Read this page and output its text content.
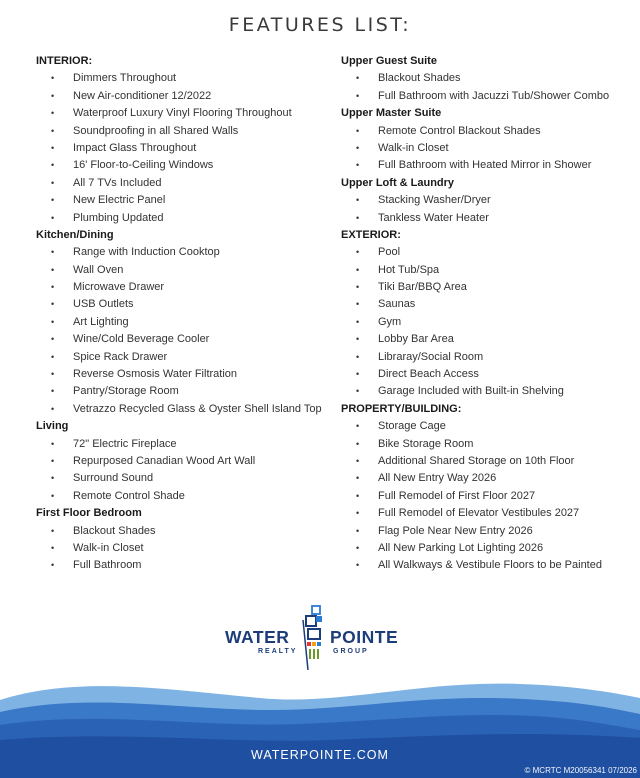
FEATURES LIST:
INTERIOR:
• Dimmers Throughout
• New Air-conditioner 12/2022
• Waterproof Luxury Vinyl Flooring Throughout
• Soundproofing in all Shared Walls
• Impact Glass Throughout
• 16' Floor-to-Ceiling Windows
• All 7 TVs Included
• New Electric Panel
• Plumbing Updated
Kitchen/Dining
• Range with Induction Cooktop
• Wall Oven
• Microwave Drawer
• USB Outlets
• Art Lighting
• Wine/Cold Beverage Cooler
• Spice Rack Drawer
• Reverse Osmosis Water Filtration
• Pantry/Storage Room
• Vetrazzo Recycled Glass & Oyster Shell Island Top
Living
• 72" Electric Fireplace
• Repurposed Canadian Wood Art Wall
• Surround Sound
• Remote Control Shade
First Floor Bedroom
• Blackout Shades
• Walk-in Closet
• Full Bathroom
Upper Guest Suite
• Blackout Shades
• Full Bathroom with Jacuzzi Tub/Shower Combo
Upper Master Suite
• Remote Control Blackout Shades
• Walk-in Closet
• Full Bathroom with Heated Mirror in Shower
Upper Loft & Laundry
• Stacking Washer/Dryer
• Tankless Water Heater
EXTERIOR:
• Pool
• Hot Tub/Spa
• Tiki Bar/BBQ Area
• Saunas
• Gym
• Lobby Bar Area
• Libraray/Social Room
• Direct Beach Access
• Garage Included with Built-in Shelving
PROPERTY/BUILDING:
• Storage Cage
• Bike Storage Room
• Additional Shared Storage on 10th Floor
• All New Entry Way 2026
• Full Remodel of First Floor 2027
• Full Remodel of Elevator Vestibules 2027
• Flag Pole Near New Entry 2026
• All New Parking Lot Lighting 2026
• All Walkways & Vestibule Floors to be Painted
WATER POINTE
REALTY	GROUP
WATERPOINTE.COM
© MCRTC M20056341 07/2026
